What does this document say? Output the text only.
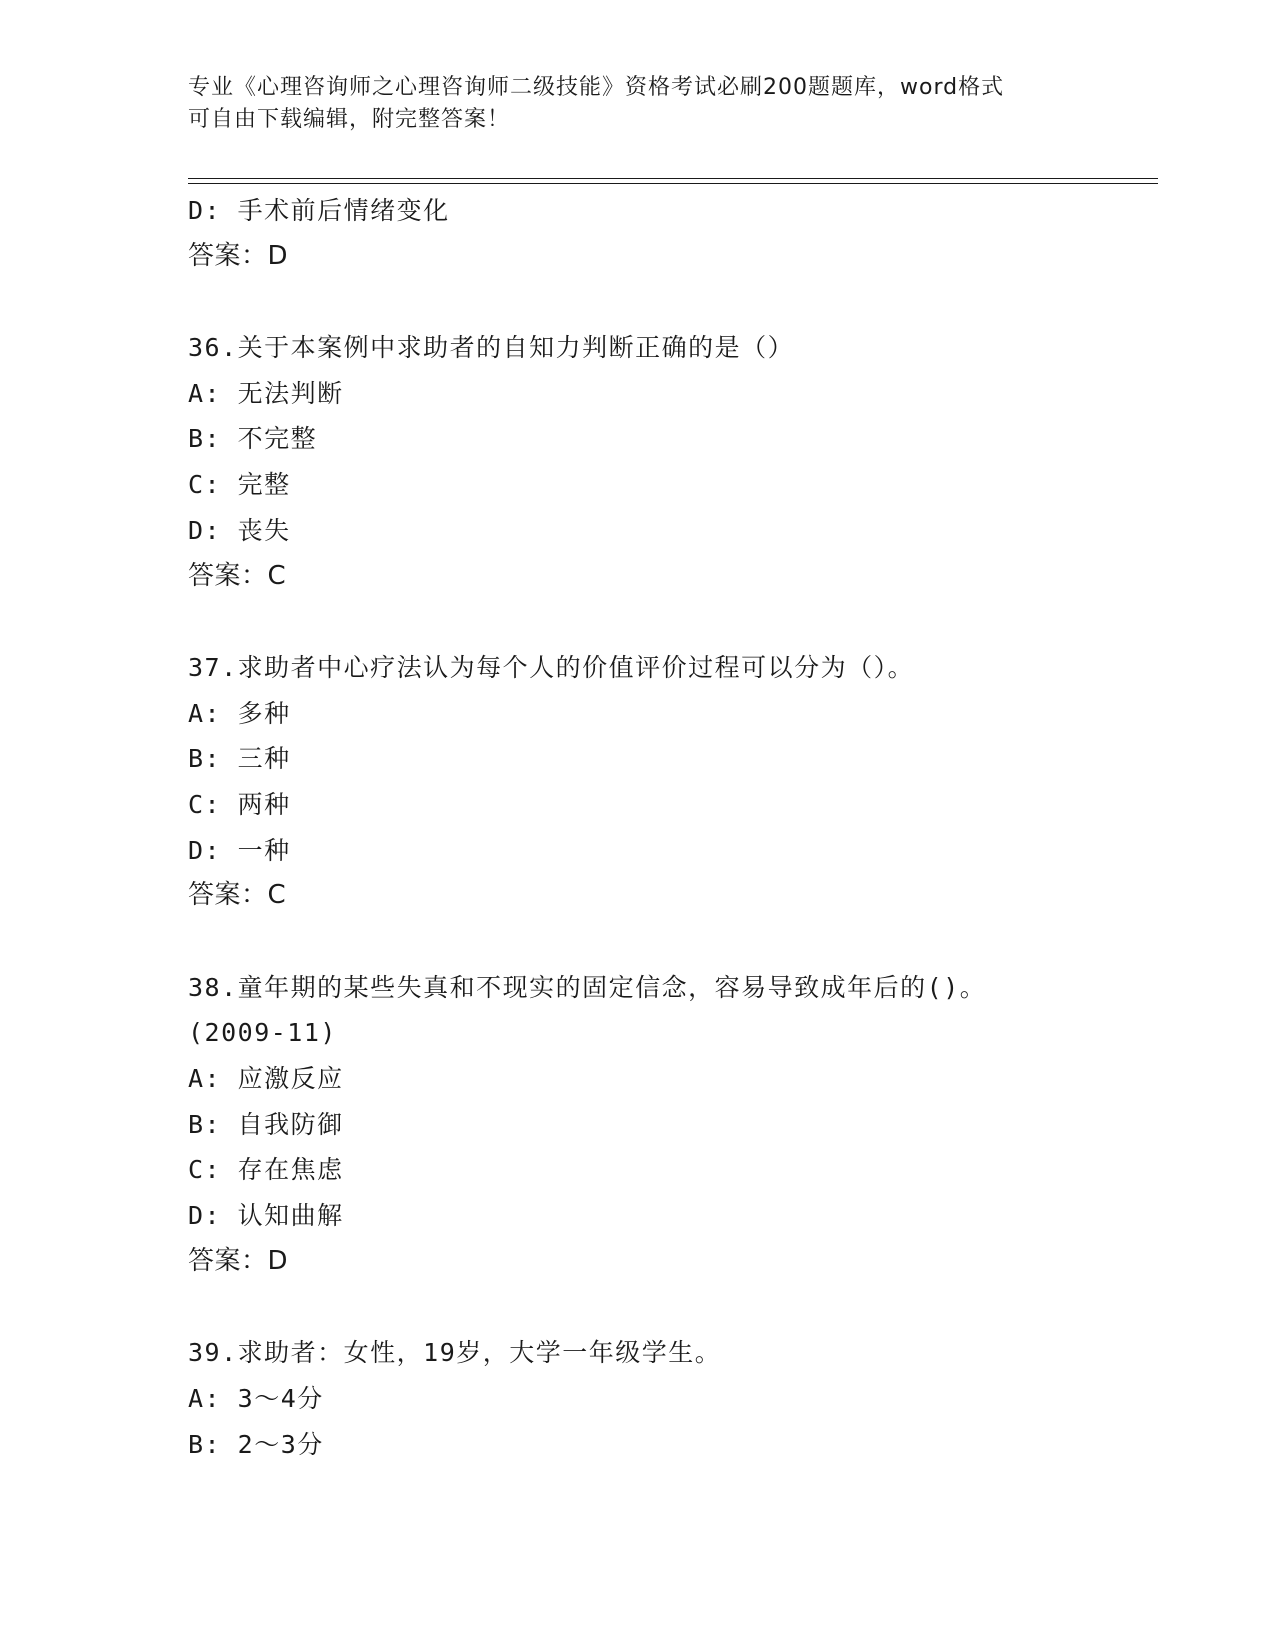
专业《心理咨询师之心理咨询师二级技能》资格考试必刷200题题库，word格式
可自由下载编辑，附完整答案！
D: 手术前后情绪变化
答案：D
36.关于本案例中求助者的自知力判断正确的是（）
A: 无法判断
B: 不完整
C: 完整
D: 丧失
答案：C
37.求助者中心疗法认为每个人的价值评价过程可以分为（）。
A: 多种
B: 三种
C: 两种
D: 一种
答案：C
38.童年期的某些失真和不现实的固定信念，容易导致成年后的()。
(2009-11)
A: 应激反应
B: 自我防御
C: 存在焦虑
D: 认知曲解
答案：D
39.求助者：女性，19岁，大学一年级学生。
A: 3～4分
B: 2～3分
